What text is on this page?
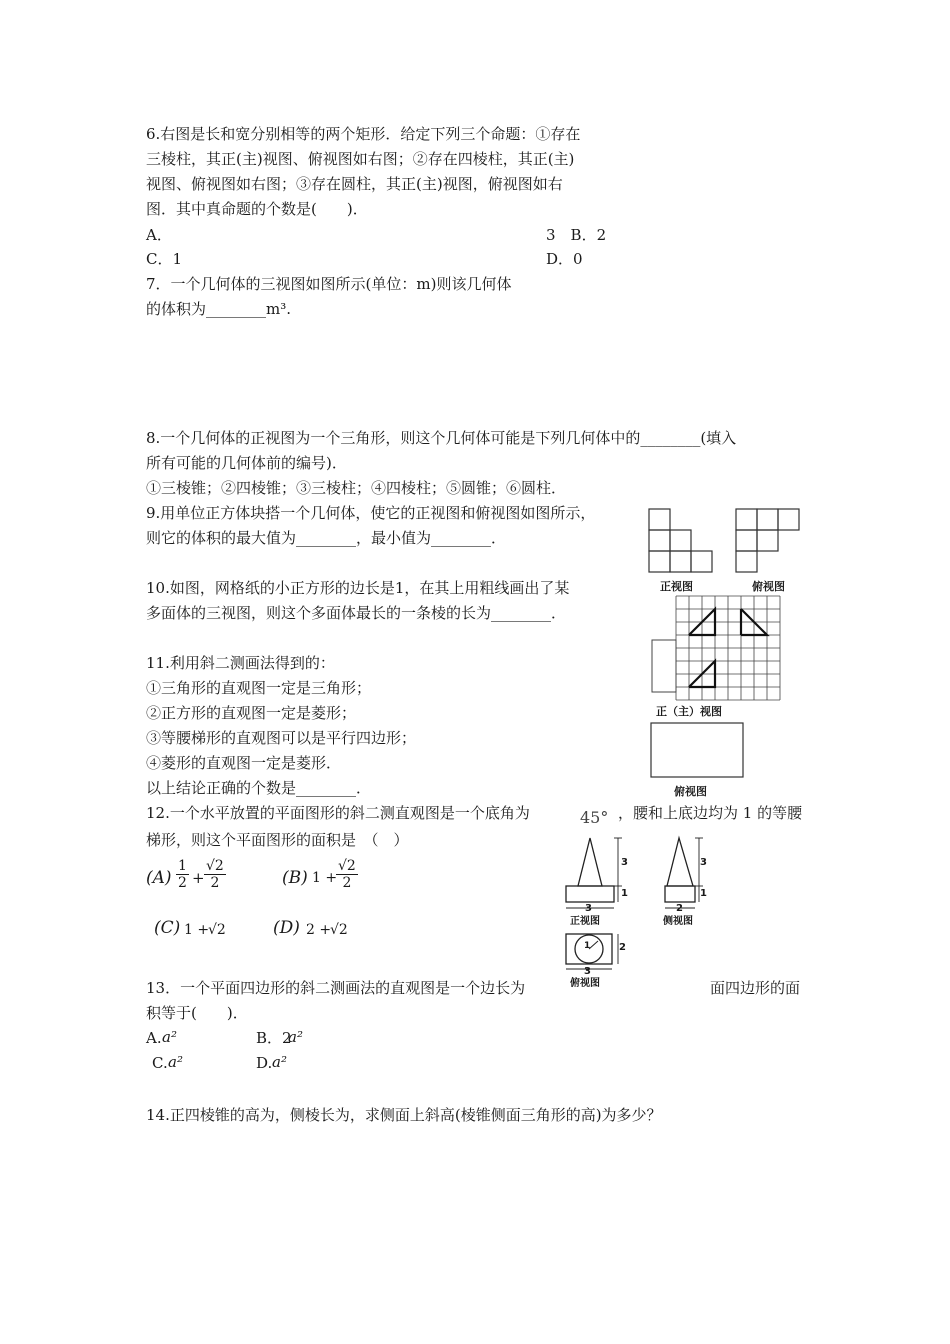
6.右图是长和宽分别相等的两个矩形．给定下列三个命题：①存在
三棱柱，其正(主)视图、俯视图如右图；②存在四棱柱，其正(主)
视图、俯视图如右图；③存在圆柱，其正(主)视图，俯视图如右
图．其中真命题的个数是(　　)．
A．	3　B．2
C．1	D．0
7．一个几何体的三视图如图所示(单位：m)则该几何体
的体积为________m³.
8.一个几何体的正视图为一个三角形，则这个几何体可能是下列几何体中的________(填入
所有可能的几何体前的编号)．
①三棱锥；②四棱锥；③三棱柱；④四棱柱；⑤圆锥；⑥圆柱．
9.用单位正方体块搭一个几何体，使它的正视图和俯视图如图所示，
则它的体积的最大值为________，最小值为________．
正视图	俯视图
10.如图，网格纸的小正方形的边长是1，在其上用粗线画出了某
多面体的三视图，则这个多面体最长的一条棱的长为________．
正（主）视图
俯视图
11.利用斜二测画法得到的：
①三角形的直观图一定是三角形；
②正方形的直观图一定是菱形；
③等腰梯形的直观图可以是平行四边形；
④菱形的直观图一定是菱形．
以上结论正确的个数是________．
12.一个水平放置的平面图形的斜二测直观图是一个底角为	45° ，腰和上底边均为 1 的等腰
梯形，则这个平面图形的面积是　（　）
$(A) \frac{1}{2} + \frac{√2}{2}$	(B) 1 +
$\frac{√2}{2}$
(C) 1 +
√2	(D) 2 +
√2
3
1
3
正视图
3
1
2
侧视图
1	2
3
俯视图
13．一个平面四边形的斜二测画法的直观图是一个边长为	面四边形的面
积等于(　　)．
A. a²	B．2
a²
C. a²	D. a²
14.正四棱锥的高为，侧棱长为，求侧面上斜高(棱锥侧面三角形的高)为多少？
